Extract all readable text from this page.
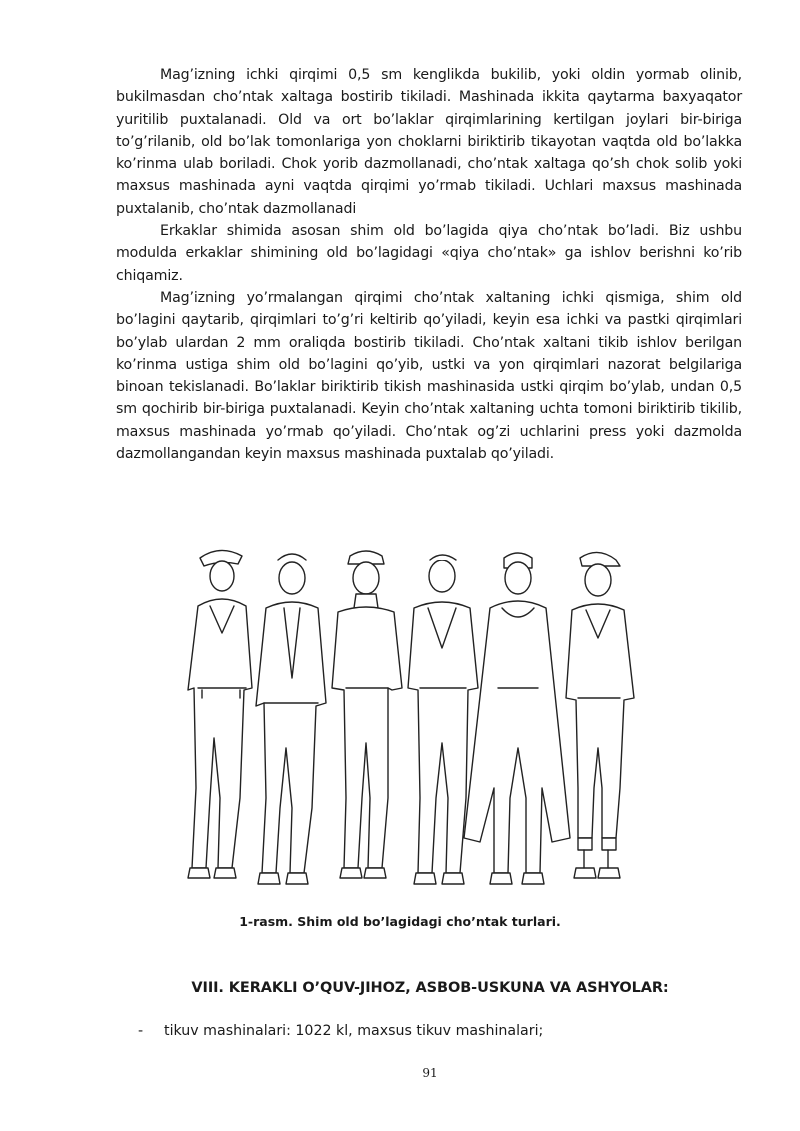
Mag’izning ichki qirqimi 0,5 sm kenglikda bukilib, yoki oldin yormab olinib, bukilmasdan cho’ntak xaltaga bostirib tikiladi. Mashinada ikkita qaytarma baxyaqator yuritilib puxtalanadi. Old va ort bo’laklar qirqimlarining kertilgan joylari bir-biriga to’g’rilanib, old bo’lak tomonlariga yon choklarni biriktirib tikayotan vaqtda old bo’lakka ko’rinma ulab boriladi. Chok yorib dazmollanadi, cho’ntak xaltaga qo’sh chok solib yoki maxsus mashinada ayni vaqtda qirqimi yo’rmab tikiladi. Uchlari maxsus mashinada puxtalanib, cho’ntak dazmollanadi

Erkaklar shimida asosan shim old bo’lagida qiya cho’ntak bo’ladi. Biz ushbu modulda erkaklar shimining old bo’lagidagi «qiya cho’ntak» ga ishlov berishni ko’rib chiqamiz.

Mag’izning yo’rmalangan qirqimi cho’ntak xaltaning ichki qismiga, shim old bo’lagini qaytarib, qirqimlari to’g’ri keltirib qo’yiladi, keyin esa ichki va pastki qirqimlari bo’ylab ulardan 2 mm oraliqda bostirib tikiladi. Cho’ntak xaltani tikib ishlov berilgan ko’rinma ustiga shim old bo’lagini qo’yib, ustki va yon qirqimlari nazorat belgilariga binoan tekislanadi. Bo’laklar biriktirib tikish mashinasida ustki qirqim bo’ylab, undan 0,5 sm qochirib bir-biriga puxtalanadi. Keyin cho’ntak xaltaning uchta tomoni biriktirib tikilib, maxsus mashinada yo’rmab qo’yiladi. Cho’ntak og’zi uchlarini press yoki dazmolda dazmollangandan keyin maxsus mashinada puxtalab qo’yiladi.

1-rasm. Shim old bo’lagidagi cho’ntak turlari.
VIII. KERAKLI O’QUV-JIHOZ, ASBOB-USKUNA VA ASHYOLAR:
- tikuv mashinalari: 1022 kl, maxsus tikuv mashinalari;
91
